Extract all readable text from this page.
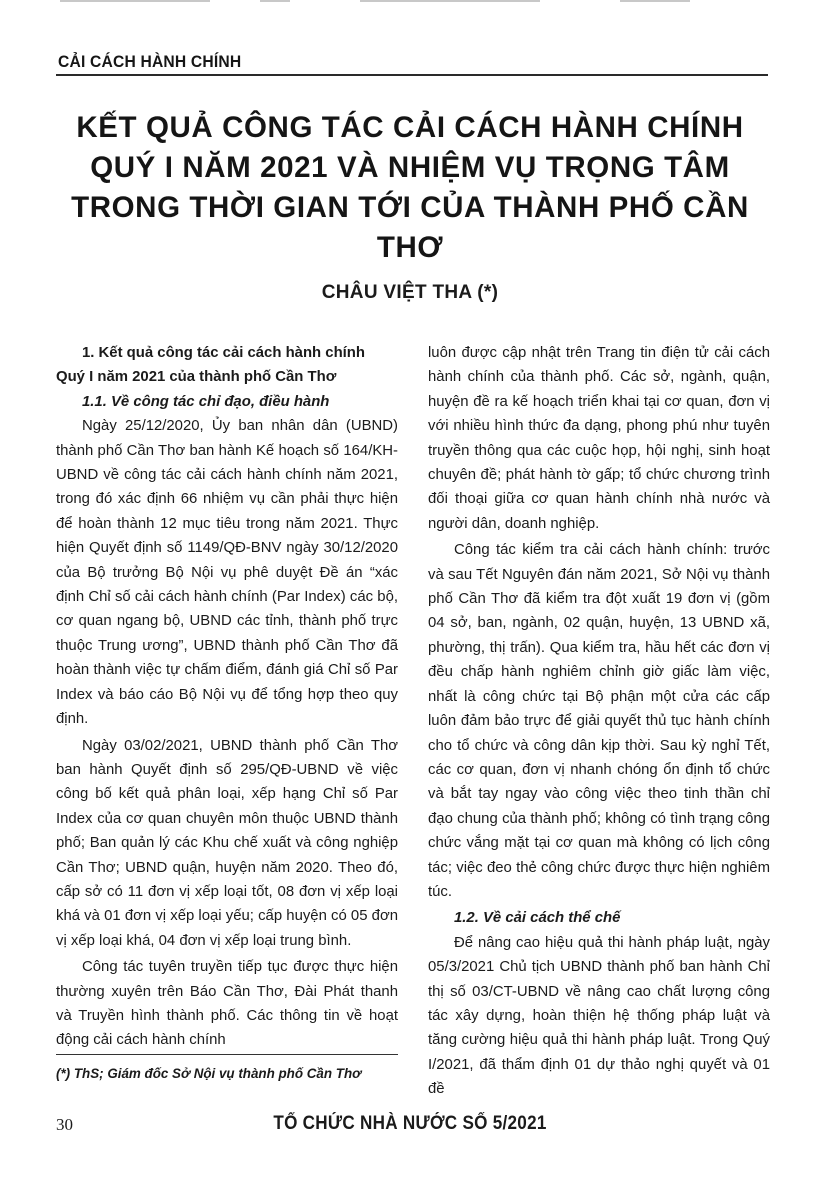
CẢI CÁCH HÀNH CHÍNH
KẾT QUẢ CÔNG TÁC CẢI CÁCH HÀNH CHÍNH
QUÝ I NĂM 2021 VÀ NHIỆM VỤ TRỌNG TÂM
TRONG THỜI GIAN TỚI CỦA THÀNH PHỐ CẦN THƠ
CHÂU VIỆT THA (*)
1. Kết quả công tác cải cách hành chính Quý I năm 2021 của thành phố Cần Thơ
1.1. Về công tác chỉ đạo, điều hành

Ngày 25/12/2020, Ủy ban nhân dân (UBND) thành phố Cần Thơ ban hành Kế hoạch số 164/KH-UBND về công tác cải cách hành chính năm 2021, trong đó xác định 66 nhiệm vụ cần phải thực hiện để hoàn thành 12 mục tiêu trong năm 2021. Thực hiện Quyết định số 1149/QĐ-BNV ngày 30/12/2020 của Bộ trưởng Bộ Nội vụ phê duyệt Đề án “xác định Chỉ số cải cách hành chính (Par Index) các bộ, cơ quan ngang bộ, UBND các tỉnh, thành phố trực thuộc Trung ương”, UBND thành phố Cần Thơ đã hoàn thành việc tự chấm điểm, đánh giá Chỉ số Par Index và báo cáo Bộ Nội vụ để tổng hợp theo quy định.

Ngày 03/02/2021, UBND thành phố Cần Thơ ban hành Quyết định số 295/QĐ-UBND về việc công bố kết quả phân loại, xếp hạng Chỉ số Par Index của cơ quan chuyên môn thuộc UBND thành phố; Ban quản lý các Khu chế xuất và công nghiệp Cần Thơ; UBND quận, huyện năm 2020. Theo đó, cấp sở có 11 đơn vị xếp loại tốt, 08 đơn vị xếp loại khá và 01 đơn vị xếp loại yếu; cấp huyện có 05 đơn vị xếp loại khá, 04 đơn vị xếp loại trung bình.

Công tác tuyên truyền tiếp tục được thực hiện thường xuyên trên Báo Cần Thơ, Đài Phát thanh và Truyền hình thành phố. Các thông tin về hoạt động cải cách hành chính

luôn được cập nhật trên Trang tin điện tử cải cách hành chính của thành phố. Các sở, ngành, quận, huyện đề ra kế hoạch triển khai tại cơ quan, đơn vị với nhiều hình thức đa dạng, phong phú như tuyên truyền thông qua các cuộc họp, hội nghị, sinh hoạt chuyên đề; phát hành tờ gấp; tổ chức chương trình đối thoại giữa cơ quan hành chính nhà nước và người dân, doanh nghiệp.

Công tác kiểm tra cải cách hành chính: trước và sau Tết Nguyên đán năm 2021, Sở Nội vụ thành phố Cần Thơ đã kiểm tra đột xuất 19 đơn vị (gồm 04 sở, ban, ngành, 02 quận, huyện, 13 UBND xã, phường, thị trấn). Qua kiểm tra, hầu hết các đơn vị đều chấp hành nghiêm chỉnh giờ giấc làm việc, nhất là công chức tại Bộ phận một cửa các cấp luôn đảm bảo trực để giải quyết thủ tục hành chính cho tổ chức và công dân kịp thời. Sau kỳ nghỉ Tết, các cơ quan, đơn vị nhanh chóng ổn định tổ chức và bắt tay ngay vào công việc theo tinh thần chỉ đạo chung của thành phố; không có tình trạng công chức vắng mặt tại cơ quan mà không có lịch công tác; việc đeo thẻ công chức được thực hiện nghiêm túc.

1.2. Về cải cách thể chế

Để nâng cao hiệu quả thi hành pháp luật, ngày 05/3/2021 Chủ tịch UBND thành phố ban hành Chỉ thị số 03/CT-UBND về nâng cao chất lượng công tác xây dựng, hoàn thiện hệ thống pháp luật và tăng cường hiệu quả thi hành pháp luật. Trong Quý I/2021, đã thẩm định 01 dự thảo nghị quyết và 01 đề

(*) ThS; Giám đốc Sở Nội vụ thành phố Cần Thơ
30	TỔ CHỨC NHÀ NƯỚC SỐ 5/2021
